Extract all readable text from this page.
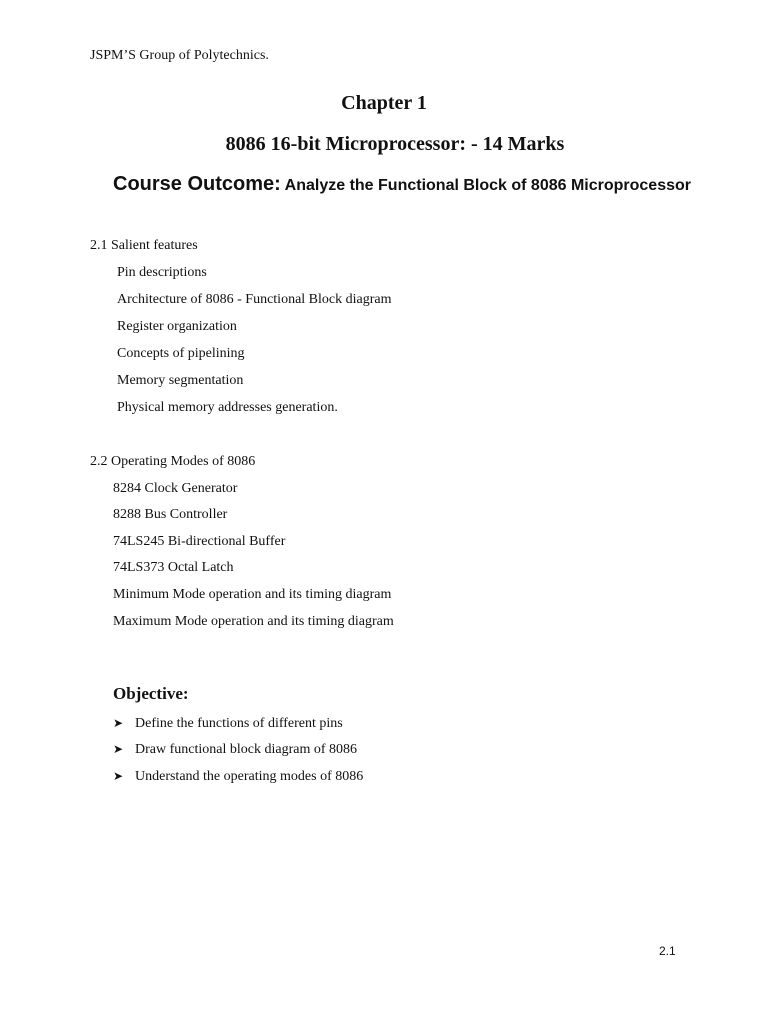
JSPM’S Group of Polytechnics.
Chapter 1
8086 16-bit Microprocessor: - 14 Marks
Course Outcome: Analyze the Functional Block of 8086 Microprocessor
2.1 Salient features
Pin descriptions
Architecture of 8086 - Functional Block diagram
Register organization
Concepts of pipelining
Memory segmentation
Physical memory addresses generation.
2.2 Operating Modes of 8086
8284 Clock Generator
8288 Bus Controller
74LS245 Bi-directional Buffer
74LS373 Octal Latch
Minimum Mode operation and its timing diagram
Maximum Mode operation and its timing diagram
Objective:
➤ Define the functions of different pins
➤ Draw functional block diagram of 8086
➤ Understand the operating modes of 8086
2.1
